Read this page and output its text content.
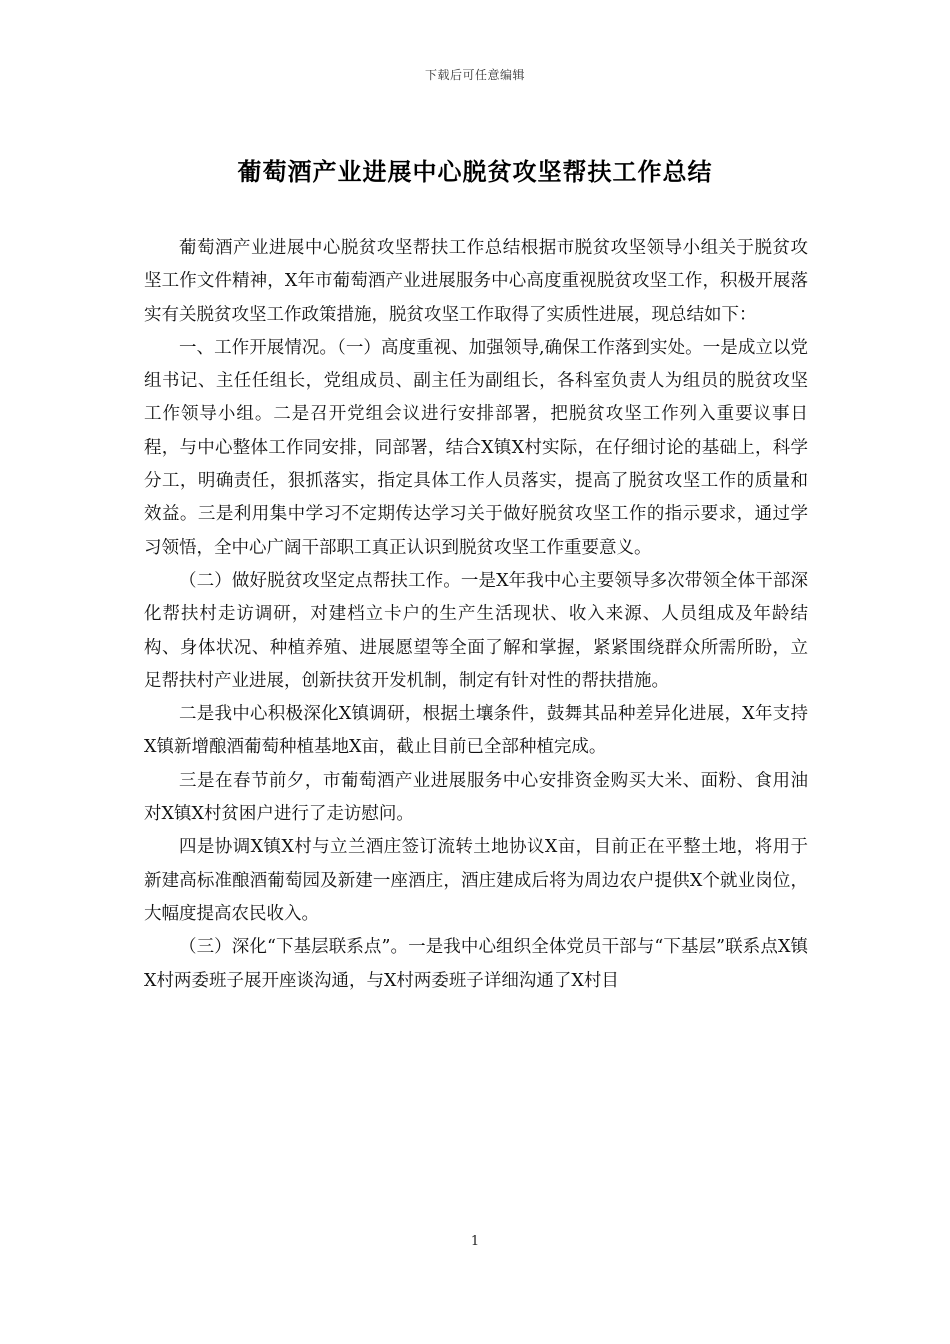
下载后可任意编辑
葡萄酒产业进展中心脱贫攻坚帮扶工作总结

葡萄酒产业进展中心脱贫攻坚帮扶工作总结根据市脱贫攻坚领导小组关于脱贫攻坚工作文件精神，X年市葡萄酒产业进展服务中心高度重视脱贫攻坚工作，积极开展落实有关脱贫攻坚工作政策措施，脱贫攻坚工作取得了实质性进展，现总结如下：

一、工作开展情况。（一）高度重视、加强领导,确保工作落到实处。一是成立以党组书记、主任任组长，党组成员、副主任为副组长，各科室负责人为组员的脱贫攻坚工作领导小组。二是召开党组会议进行安排部署，把脱贫攻坚工作列入重要议事日程，与中心整体工作同安排，同部署，结合X镇X村实际，在仔细讨论的基础上，科学分工，明确责任，狠抓落实，指定具体工作人员落实，提高了脱贫攻坚工作的质量和效益。三是利用集中学习不定期传达学习关于做好脱贫攻坚工作的指示要求，通过学习领悟，全中心广阔干部职工真正认识到脱贫攻坚工作重要意义。

（二）做好脱贫攻坚定点帮扶工作。一是X年我中心主要领导多次带领全体干部深化帮扶村走访调研，对建档立卡户的生产生活现状、收入来源、人员组成及年龄结构、身体状况、种植养殖、进展愿望等全面了解和掌握，紧紧围绕群众所需所盼，立足帮扶村产业进展，创新扶贫开发机制，制定有针对性的帮扶措施。

二是我中心积极深化X镇调研，根据土壤条件，鼓舞其品种差异化进展，X年支持X镇新增酿酒葡萄种植基地X亩，截止目前已全部种植完成。

三是在春节前夕，市葡萄酒产业进展服务中心安排资金购买大米、面粉、食用油对X镇X村贫困户进行了走访慰问。

四是协调X镇X村与立兰酒庄签订流转土地协议X亩，目前正在平整土地，将用于新建高标准酿酒葡萄园及新建一座酒庄，酒庄建成后将为周边农户提供X个就业岗位，大幅度提高农民收入。

（三）深化“下基层联系点”。一是我中心组织全体党员干部与“下基层”联系点X镇X村两委班子展开座谈沟通，与X村两委班子详细沟通了X村目

1
